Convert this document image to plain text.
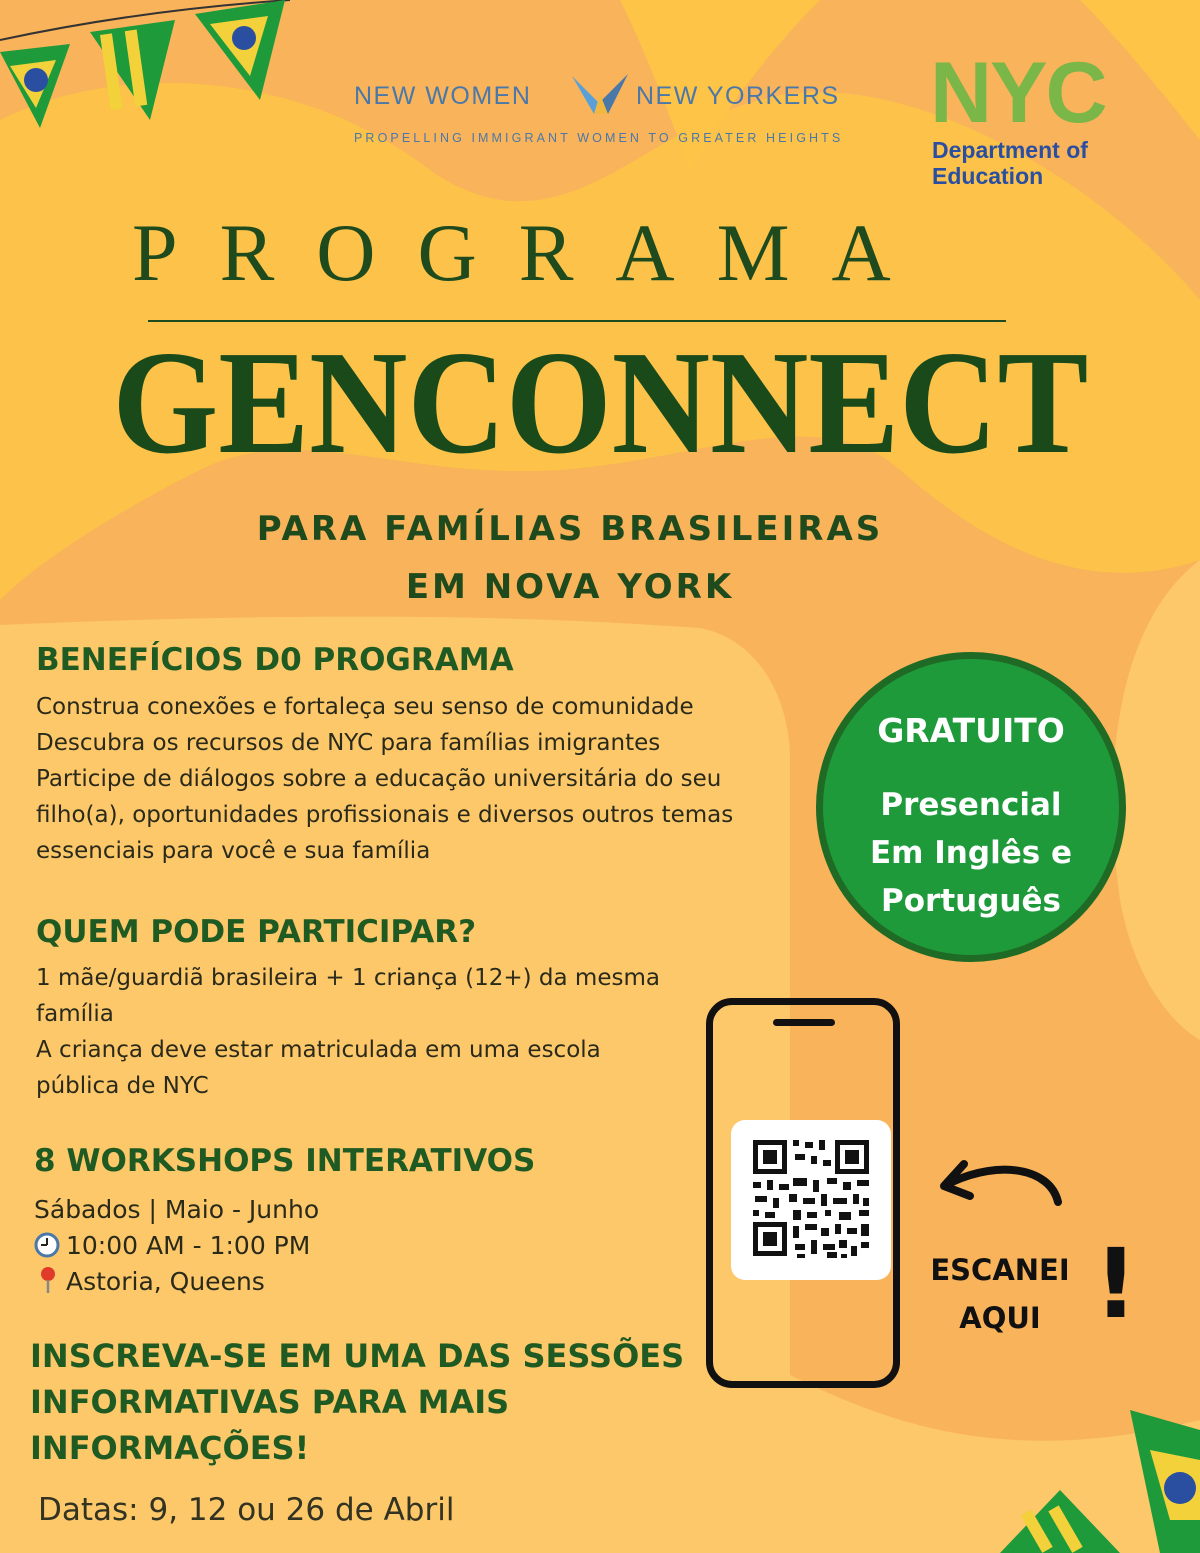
NEW WOMEN	NEW YORKERS
PROPELLING IMMIGRANT WOMEN TO GREATER HEIGHTS NYC
Department of
Education
PROGRAMA
GENCONNECT
PARA FAMÍLIAS BRASILEIRAS
EM NOVA YORK
BENEFÍCIOS D0 PROGRAMA
Construa conexões e fortaleça seu senso de comunidade
Descubra os recursos de NYC para famílias imigrantes
Participe de diálogos sobre a educação universitária do seu
filho(a), oportunidades profissionais e diversos outros temas
essenciais para você e sua família
QUEM PODE PARTICIPAR?
1 mãe/guardiã brasileira + 1 criança (12+) da mesma
família
A criança deve estar matriculada em uma escola
pública de NYC
8 WORKSHOPS INTERATIVOS
Sábados | Maio - Junho
10:00 AM - 1:00 PM
Astoria, Queens
GRATUITO
Presencial
Em Inglês e
Português
ESCANEI
AQUI !
INSCREVA-SE EM UMA DAS SESSÕES
INFORMATIVAS PARA MAIS
INFORMAÇÕES!
Datas: 9, 12 ou 26 de Abril
